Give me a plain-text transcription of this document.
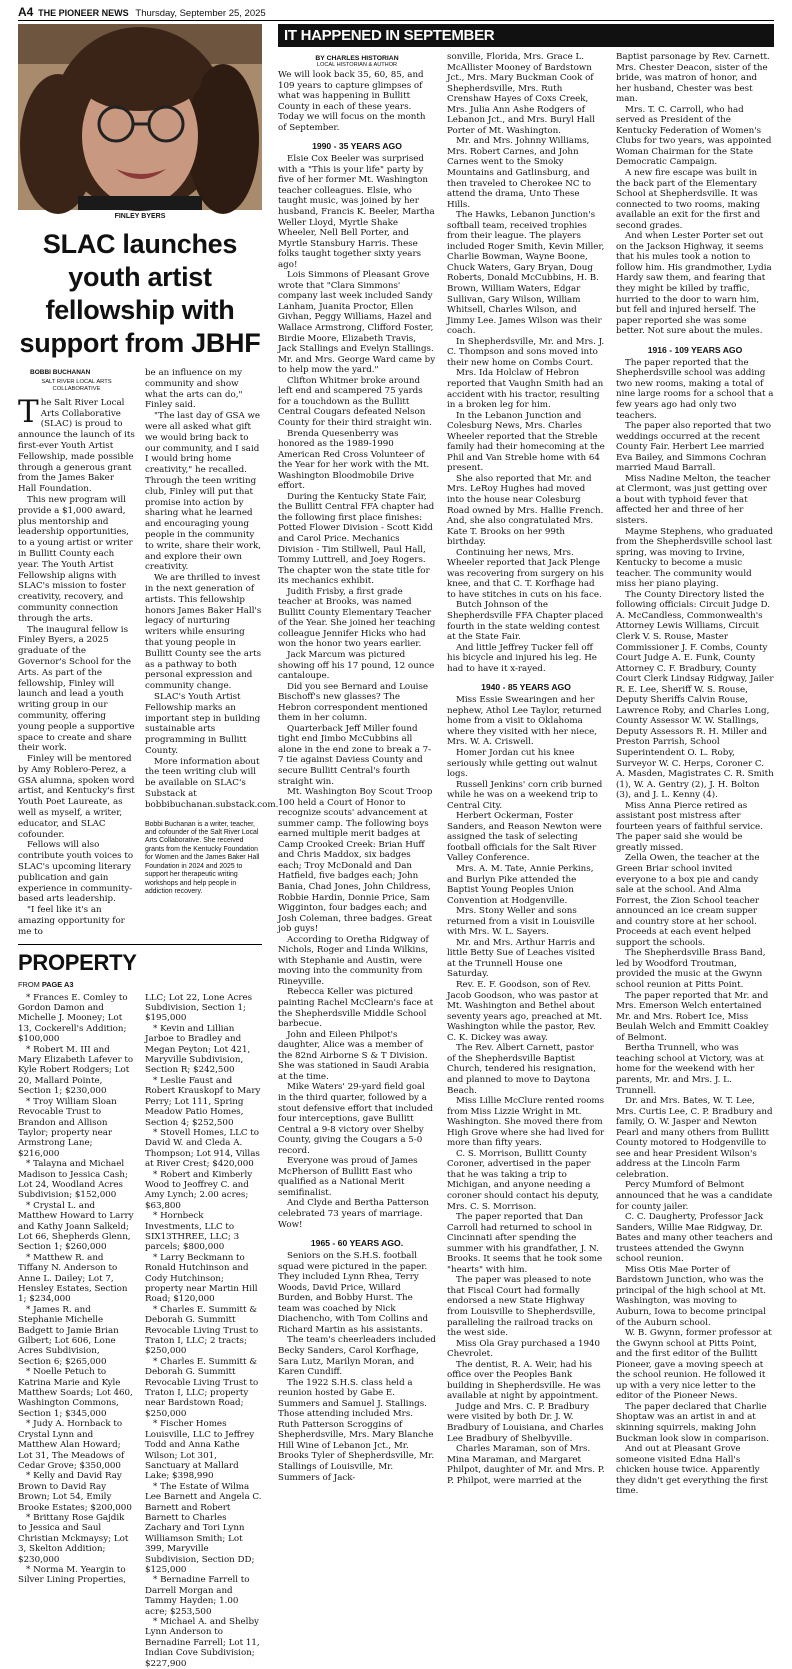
A4 THE PIONEER NEWS Thursday, September 25, 2025
FINLEY BYERS
SLAC launches youth artist fellowship with support from JBHF
BOBBI BUCHANAN
SALT RIVER LOCAL ARTS COLLABORATIVE

The Salt River Local Arts Collaborative (SLAC) is proud to announce the launch of its first-ever Youth Artist Fellowship, made possible through a generous grant from the James Baker Hall Foundation.

This new program will provide a $1,000 award, plus mentorship and leadership opportunities, to a young artist or writer in Bullitt County each year. The Youth Artist Fellowship aligns with SLAC's mission to foster creativity, recovery, and community connection through the arts.

The inaugural fellow is Finley Byers, a 2025 graduate of the Governor's School for the Arts. As part of the fellowship, Finley will launch and lead a youth writing group in our community, offering young people a supportive space to create and share their work.

Finley will be mentored by Amy Roblero-Perez, a GSA alumna, spoken word artist, and Kentucky's first Youth Poet Laureate, as well as myself, a writer, educator, and SLAC cofounder.

Fellows will also contribute youth voices to SLAC's upcoming literary publication and gain experience in community-based arts leadership.

"I feel like it's an amazing opportunity for me to

be an influence on my community and show what the arts can do," Finley said.

"The last day of GSA we were all asked what gift we would bring back to our community, and I said I would bring home creativity," he recalled. Through the teen writing club, Finley will put that promise into action by sharing what he learned and encouraging young people in the community to write, share their work, and explore their own creativity.

We are thrilled to invest in the next generation of artists. This fellowship honors James Baker Hall's legacy of nurturing writers while ensuring that young people in Bullitt County see the arts as a pathway to both personal expression and community change.

SLAC's Youth Artist Fellowship marks an important step in building sustainable arts programming in Bullitt County.

More information about the teen writing club will be available on SLAC's Substack at bobbibuchanan.substack.com.

Bobbi Buchanan is a writer, teacher, and cofounder of the Salt River Local Arts Collaborative. She received grants from the Kentucky Foundation for Women and the James Baker Hall Foundation in 2024 and 2025 to support her therapeutic writing workshops and help people in addiction recovery.
PROPERTY
FROM PAGE A3
* Frances E. Comley to Gordon Damon and Michelle J. Mooney; Lot 13, Cockerell's Addition; $100,000
* Robert M. III and Mary Elizabeth Lafever to Kyle Robert Rodgers; Lot 20, Mallard Pointe, Section 1; $230,000
* Troy William Sloan Revocable Trust to Brandon and Allison Taylor; property near Armstrong Lane; $216,000
* Talayna and Michael Madison to Jessica Cash; Lot 24, Woodland Acres Subdivision; $152,000
* Crystal L. and Matthew Howard to Larry and Kathy Joann Salkeld; Lot 66, Shepherds Glenn, Section 1; $260,000
* Matthew R. and Tiffany N. Anderson to Anne L. Dailey; Lot 7, Hensley Estates, Section 1; $234,000
* James R. and Stephanie Michelle Badgett to Jamie Brian Gilbert; Lot 606, Lone Acres Subdivision, Section 6; $265,000
* Noelle Petuch to Katrina Marie and Kyle Matthew Soards; Lot 460, Washington Commons, Section 1; $345,000
* Judy A. Hornback to Crystal Lynn and Matthew Alan Howard; Lot 31, The Meadows of Cedar Grove; $350,000
* Kelly and David Ray Brown to David Ray Brown; Lot 54, Emily Brooke Estates; $200,000
* Brittany Rose Gajdik to Jessica and Saul Christian Mckmaysy; Lot 3, Skelton Addition; $230,000
* Norma M. Yeargin to Silver Lining Properties,
LLC; Lot 22, Lone Acres Subdivision, Section 1; $195,000
* Kevin and Lillian Jarboe to Bradley and Megan Peyton; Lot 421, Maryville Subdivision, Section R; $242,500
* Leslie Faust and Robert Krauskopf to Mary Perry; Lot 111, Spring Meadow Patio Homes, Section 4; $252,500
* Stovell Homes, LLC to David W. and Cleda A. Thompson; Lot 914, Villas at River Crest; $420,000
* Robert and Kimberly Wood to Jeoffrey C. and Amy Lynch; 2.00 acres; $63,800
* Hornbeck Investments, LLC to SIX13THREE, LLC; 3 parcels; $800,000
* Larry Beckmann to Ronald Hutchinson and Cody Hutchinson; property near Martin Hill Road; $120,000
* Charles E. Summitt & Deborah G. Summitt Revocable Living Trust to Traton I, LLC; 2 tracts; $250,000
* Charles E. Summitt & Deborah G. Summitt Revocable Living Trust to Traton I, LLC; property near Bardstown Road; $250,000
* Fischer Homes Louisville, LLC to Jeffrey Todd and Anna Kathe Wilson; Lot 301, Sanctuary at Mallard Lake; $398,990
* The Estate of Wilma Lee Barnett and Angela C. Barnett and Robert Barnett to Charles Zachary and Tori Lynn Williamson Smith; Lot 399, Maryville Subdivision, Section DD; $125,000
* Bernadine Farrell to Darrell Morgan and Tammy Hayden; 1.00 acre; $253,500
* Michael A. and Shelby Lynn Anderson to Bernadine Farrell; Lot 11, Indian Cove Subdivision; $227,900
IT HAPPENED IN SEPTEMBER
BY CHARLES HISTORIAN
LOCAL HISTORIAN & AUTHOR

We will look back 35, 60, 85, and 109 years to capture glimpses of what was happening in Bullitt County in each of these years. Today we will focus on the month of September.

1990 - 35 YEARS AGO

Elsie Cox Beeler was surprised with a "This is your life" party by five of her former Mt. Washington teacher colleagues. Elsie, who taught music, was joined by her husband, Francis K. Beeler, Martha Weller Lloyd, Myrtle Shake Wheeler, Nell Bell Porter, and Myrtle Stansbury Harris. These folks taught together sixty years ago!

Lois Simmons of Pleasant Grove wrote that "Clara Simmons' company last week included Sandy Lanham, Juanita Proctor, Ellen Givhan, Peggy Williams, Hazel and Wallace Armstrong, Clifford Foster, Birdie Moore, Elizabeth Travis, Jack Stallings and Evelyn Stallings. Mr. and Mrs. George Ward came by to help mow the yard."

Clifton Whitmer broke around left end and scampered 75 yards for a touchdown as the Bullitt Central Cougars defeated Nelson County for their third straight win.

Brenda Quesenberry was honored as the 1989-1990 American Red Cross Volunteer of the Year for her work with the Mt. Washington Bloodmobile Drive effort.

During the Kentucky State Fair, the Bullitt Central FFA chapter had the following first place finishes: Potted Flower Division - Scott Kidd and Carol Price. Mechanics Division - Tim Stillwell, Paul Hall, Tommy Luttrell, and Joey Rogers. The chapter won the state title for its mechanics exhibit.

Judith Frisby, a first grade teacher at Brooks, was named Bullitt County Elementary Teacher of the Year. She joined her teaching colleague Jennifer Hicks who had won the honor two years earlier.

Jack Marcum was pictured showing off his 17 pound, 12 ounce cantaloupe.

Did you see Bernard and Louise Bischoff's new glasses? The Hebron correspondent mentioned them in her column.

Quarterback Jeff Miller found tight end Jimbo McCubbins all alone in the end zone to break a 7-7 tie against Daviess County and secure Bullitt Central's fourth straight win.

Mt. Washington Boy Scout Troop 100 held a Court of Honor to recognize scouts' advancement at summer camp. The following boys earned multiple merit badges at Camp Crooked Creek: Brian Huff and Chris Maddox, six badges each; Troy McDonald and Dan Hatfield, five badges each; John Bania, Chad Jones, John Childress, Robbie Hardin, Donnie Price, Sam Wigginton, four badges each; and Josh Coleman, three badges. Great job guys!

According to Oretha Ridgway of Nichols, Roger and Linda Wilkins, with Stephanie and Austin, were moving into the community from Rineyville.

Rebecca Keller was pictured painting Rachel McClearn's face at the Shepherdsville Middle School barbecue.

John and Eileen Philpot's daughter, Alice was a member of the 82nd Airborne S & T Division. She was stationed in Saudi Arabia at the time.

Mike Waters' 29-yard field goal in the third quarter, followed by a stout defensive effort that included four interceptions, gave Bullitt Central a 9-8 victory over Shelby County, giving the Cougars a 5-0 record.

Everyone was proud of James McPherson of Bullitt East who qualified as a National Merit semifinalist.

And Clyde and Bertha Patterson celebrated 73 years of marriage. Wow!

1965 - 60 YEARS AGO.

Seniors on the S.H.S. football squad were pictured in the paper. They included Lynn Rhea, Terry Woods, David Price, Willard Burden, and Bobby Hurst. The team was coached by Nick Diachencho, with Tom Collins and Richard Martin as his assistants.

The team's cheerleaders included Becky Sanders, Carol Korfhage, Sara Lutz, Marilyn Moran, and Karen Cundiff.

The 1922 S.H.S. class held a reunion hosted by Gabe E. Summers and Samuel J. Stallings. Those attending included Mrs. Ruth Patterson Scroggins of Shepherdsville, Mrs. Mary Blanche Hill Wine of Lebanon Jct., Mr. Brooks Tyler of Shepherdsville, Mr. Stallings of Louisville, Mr. Summers of Jack-

sonville, Florida, Mrs. Grace L. McAllister Mooney of Bardstown Jct., Mrs. Mary Buckman Cook of Shepherdsville, Mrs. Ruth Crenshaw Hayes of Coxs Creek, Mrs. Julia Ann Ashe Rodgers of Lebanon Jct., and Mrs. Buryl Hall Porter of Mt. Washington.

Mr. and Mrs. Johnny Williams, Mrs. Robert Carnes, and John Carnes went to the Smoky Mountains and Gatlinsburg, and then traveled to Cherokee NC to attend the drama, Unto These Hills.

The Hawks, Lebanon Junction's softball team, received trophies from their league. The players included Roger Smith, Kevin Miller, Charlie Bowman, Wayne Boone, Chuck Waters, Gary Bryan, Doug Roberts, Donald McCubbins, H. B. Brown, William Waters, Edgar Sullivan, Gary Wilson, William Whitsell, Charles Wilson, and Jimmy Lee. James Wilson was their coach.

In Shepherdsville, Mr. and Mrs. J. C. Thompson and sons moved into their new home on Combs Court.

Mrs. Ida Holclaw of Hebron reported that Vaughn Smith had an accident with his tractor, resulting in a broken leg for him.

In the Lebanon Junction and Colesburg News, Mrs. Charles Wheeler reported that the Streble family had their homecoming at the Phil and Van Streble home with 64 present.

She also reported that Mr. and Mrs. LeRoy Hughes had moved into the house near Colesburg Road owned by Mrs. Hallie French. And, she also congratulated Mrs. Kate T. Brooks on her 99th birthday.

Continuing her news, Mrs. Wheeler reported that Jack Plenge was recovering from surgery on his knee, and that C. T. Korfhage had to have stitches in cuts on his face.

Butch Johnson of the Shepherdsville FFA Chapter placed fourth in the state welding contest at the State Fair.

And little Jeffrey Tucker fell off his bicycle and injured his leg. He had to have it x-rayed.

1940 - 85 YEARS AGO

Miss Essie Swearingen and her nephew, Athol Lee Taylor, returned home from a visit to Oklahoma where they visited with her niece, Mrs. W. A. Criswell.

Homer Jordan cut his knee seriously while getting out walnut logs.

Russell Jenkins' corn crib burned while he was on a weekend trip to Central City.

Herbert Ockerman, Foster Sanders, and Reason Newton were assigned the task of selecting football officials for the Salt River Valley Conference.

Mrs. A. M. Tate, Annie Perkins, and Burlyn Pike attended the Baptist Young Peoples Union Convention at Hodgenville.

Mrs. Stony Weller and sons returned from a visit in Louisville with Mrs. W. L. Sayers.

Mr. and Mrs. Arthur Harris and little Betty Sue of Leaches visited at the Trunnell House one Saturday.

Rev. E. F. Goodson, son of Rev. Jacob Goodson, who was pastor at Mt. Washington and Bethel about seventy years ago, preached at Mt. Washington while the pastor, Rev. C. K. Dickey was away.

The Rev. Albert Carnett, pastor of the Shepherdsville Baptist Church, tendered his resignation, and planned to move to Daytona Beach.

Miss Lillie McClure rented rooms from Miss Lizzie Wright in Mt. Washington. She moved there from High Grove where she had lived for more than fifty years.

C. S. Morrison, Bullitt County Coroner, advertised in the paper that he was taking a trip to Michigan, and anyone needing a coroner should contact his deputy, Mrs. C. S. Morrison.

The paper reported that Dan Carroll had returned to school in Cincinnati after spending the summer with his grandfather, J. N. Brooks. It seems that he took some "hearts" with him.

The paper was pleased to note that Fiscal Court had formally endorsed a new State Highway from Louisville to Shepherdsville, paralleling the railroad tracks on the west side.

Miss Ola Gray purchased a 1940 Chevrolet.

The dentist, R. A. Weir, had his office over the Peoples Bank building in Shepherdsville. He was available at night by appointment.

Judge and Mrs. C. P. Bradbury were visited by both Dr. J. W. Bradbury of Louisiana, and Charles Lee Bradbury of Shelbyville.

Charles Maraman, son of Mrs. Mina Maraman, and Margaret Philpot, daughter of Mr. and Mrs. P. P. Philpot, were married at the

Baptist parsonage by Rev. Carnett. Mrs. Chester Deacon, sister of the bride, was matron of honor, and her husband, Chester was best man.

Mrs. T. C. Carroll, who had served as President of the Kentucky Federation of Women's Clubs for two years, was appointed Woman Chairman for the State Democratic Campaign.

A new fire escape was built in the back part of the Elementary School at Shepherdsville. It was connected to two rooms, making available an exit for the first and second grades.

And when Lester Porter set out on the Jackson Highway, it seems that his mules took a notion to follow him. His grandmother, Lydia Hardy saw them, and fearing that they might be killed by traffic, hurried to the door to warn him, but fell and injured herself. The paper reported she was some better. Not sure about the mules.

1916 - 109 YEARS AGO

The paper reported that the Shepherdsville school was adding two new rooms, making a total of nine large rooms for a school that a few years ago had only two teachers.

The paper also reported that two weddings occurred at the recent County Fair. Herbert Lee married Eva Bailey, and Simmons Cochran married Maud Barrall.

Miss Nadine Melton, the teacher at Clermont, was just getting over a bout with typhoid fever that affected her and three of her sisters.

Mayme Stephens, who graduated from the Shepherdsville school last spring, was moving to Irvine, Kentucky to become a music teacher. The community would miss her piano playing.

The County Directory listed the following officials: Circuit Judge D. A. McCandless, Commonwealth's Attorney Lewis Williams, Circuit Clerk V. S. Rouse, Master Commissioner J. F. Combs, County Court Judge A. E. Funk, County Attorney C. F. Bradbury, County Court Clerk Lindsay Ridgway, Jailer R. E. Lee, Sheriff W. S. Rouse, Deputy Sheriffs Calvin Rouse, Lawrence Roby, and Charles Long, County Assessor W. W. Stallings, Deputy Assessors R. H. Miller and Preston Parrish, School Superintendent O. L. Roby, Surveyor W. C. Herps, Coroner C. A. Masden, Magistrates C. R. Smith (1), W. A. Gentry (2), J. H. Bolton (3), and J. L. Kenny (4).

Miss Anna Pierce retired as assistant post mistress after fourteen years of faithful service. The paper said she would be greatly missed.

Zella Owen, the teacher at the Green Briar school invited everyone to a box pie and candy sale at the school. And Alma Forrest, the Zion School teacher announced an ice cream supper and country store at her school. Proceeds at each event helped support the schools.

The Shepherdsville Brass Band, led by Woodford Troutman, provided the music at the Gwynn school reunion at Pitts Point.

The paper reported that Mr. and Mrs. Emerson Welch entertained Mr. and Mrs. Robert Ice, Miss Beulah Welch and Emmitt Coakley of Belmont.

Bertha Trunnell, who was teaching school at Victory, was at home for the weekend with her parents, Mr. and Mrs. J. L. Trunnell.

Dr. and Mrs. Bates, W. T. Lee, Mrs. Curtis Lee, C. P. Bradbury and family, O. W. Jasper and Newton Pearl and many others from Bullitt County motored to Hodgenville to see and hear President Wilson's address at the Lincoln Farm celebration.

Percy Mumford of Belmont announced that he was a candidate for county jailer.

C. C. Daugherty, Professor Jack Sanders, Willie Mae Ridgway, Dr. Bates and many other teachers and trustees attended the Gwynn school reunion.

Miss Otis Mae Porter of Bardstown Junction, who was the principal of the high school at Mt. Washington, was moving to Auburn, Iowa to become principal of the Auburn school.

W. B. Gwynn, former professor at the Gwynn school at Pitts Point, and the first editor of the Bullitt Pioneer, gave a moving speech at the school reunion. He followed it up with a very nice letter to the editor of the Pioneer News.

The paper declared that Charlie Shoptaw was an artist in and at skinning squirrels, making John Buckman look slow in comparison.

And out at Pleasant Grove someone visited Edna Hall's chicken house twice. Apparently they didn't get everything the first time.
